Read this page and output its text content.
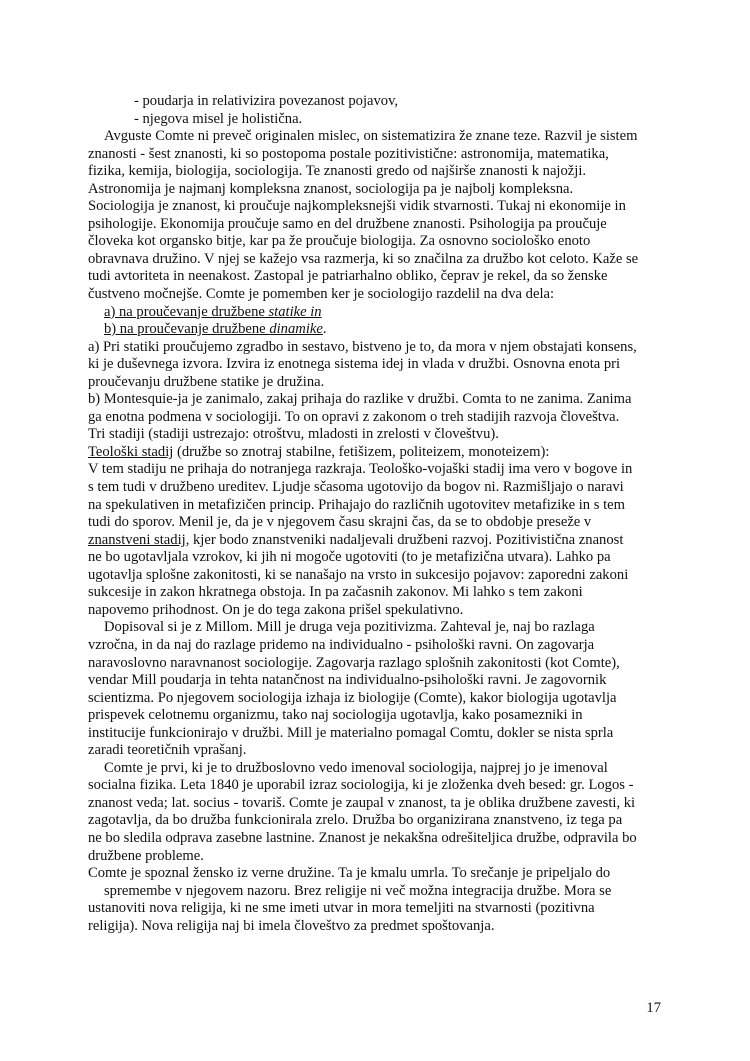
- poudarja in relativizira povezanost pojavov,
- njegova misel je holistična.
Avguste Comte ni preveč originalen mislec, on sistematizira že znane teze. Razvil je sistem
znanosti - šest znanosti, ki so postopoma postale pozitivistične: astronomija, matematika,
fizika, kemija, biologija, sociologija. Te znanosti gredo od najširše znanosti k najožji.
Astronomija je najmanj kompleksna znanost, sociologija pa je najbolj kompleksna.
Sociologija je znanost, ki proučuje najkompleksnejši vidik stvarnosti. Tukaj ni ekonomije in
psihologije. Ekonomija proučuje samo en del družbene znanosti. Psihologija pa proučuje
človeka kot organsko bitje, kar pa že proučuje biologija. Za osnovno sociološko enoto
obravnava družino. V njej se kažejo vsa razmerja, ki so značilna za družbo kot celoto. Kaže se
tudi avtoriteta in neenakost. Zastopal je patriarhalno obliko, čeprav je rekel, da so ženske
čustveno močnejše. Comte je pomemben ker je sociologijo razdelil na dva dela:
a) na proučevanje družbene statike in
b) na proučevanje družbene dinamike.
a) Pri statiki proučujemo zgradbo in sestavo, bistveno je to, da mora v njem obstajati konsens,
ki je duševnega izvora. Izvira iz enotnega sistema idej in vlada v družbi. Osnovna enota pri
proučevanju družbene statike je družina.
b) Montesquie-ja je zanimalo, zakaj prihaja do razlike v družbi. Comta to ne zanima. Zanima
ga enotna podmena v sociologiji. To on opravi z zakonom o treh stadijih razvoja človeštva.
Tri stadiji (stadiji ustrezajo: otroštvu, mladosti in zrelosti v človeštvu).
Teološki stadij (družbe so znotraj stabilne, fetišizem, politeizem, monoteizem):
V tem stadiju ne prihaja do notranjega razkraja. Teološko-vojaški stadij ima vero v bogove in
s tem tudi v družbeno ureditev. Ljudje sčasoma ugotovijo da bogov ni. Razmišljajo o naravi
na spekulativen in metafizičen princip. Prihajajo do različnih ugotovitev metafizike in s tem
tudi do sporov. Menil je, da je v njegovem času skrajni čas, da se to obdobje preseže v
znanstveni stadij, kjer bodo znanstveniki nadaljevali družbeni razvoj. Pozitivistična znanost
ne bo ugotavljala vzrokov, ki jih ni mogoče ugotoviti (to je metafizična utvara). Lahko pa
ugotavlja splošne zakonitosti, ki se nanašajo na vrsto in sukcesijo pojavov: zaporedni zakoni
sukcesije in zakon hkratnega obstoja. In pa začasnih zakonov. Mi lahko s tem zakoni
napovemo prihodnost. On je do tega zakona prišel spekulativno.
Dopisoval si je z Millom. Mill je druga veja pozitivizma. Zahteval je, naj bo razlaga
vzročna, in da naj do razlage pridemo na individualno - psihološki ravni. On zagovarja
naravoslovno naravnanost sociologije. Zagovarja razlago splošnih zakonitosti (kot Comte),
vendar Mill poudarja in tehta natančnost na individualno-psihološki ravni. Je zagovornik
scientizma. Po njegovem sociologija izhaja iz biologije (Comte), kakor biologija ugotavlja
prispevek celotnemu organizmu, tako naj sociologija ugotavlja, kako posamezniki in
institucije funkcionirajo v družbi. Mill je materialno pomagal Comtu, dokler se nista sprla
zaradi teoretičnih vprašanj.
Comte je prvi, ki je to družboslovno vedo imenoval sociologija, najprej jo je imenoval
socialna fizika. Leta 1840 je uporabil izraz sociologija, ki je zloženka dveh besed: gr. Logos -
znanost veda; lat. socius - tovariš. Comte je zaupal v znanost, ta je oblika družbene zavesti, ki
zagotavlja, da bo družba funkcionirala zrelo. Družba bo organizirana znanstveno, iz tega pa
ne bo sledila odprava zasebne lastnine. Znanost je nekakšna odrešiteljica družbe, odpravila bo
družbene probleme.
Comte je spoznal žensko iz verne družine. Ta je kmalu umrla. To srečanje je pripeljalo do
spremembe v njegovem nazoru. Brez religije ni več možna integracija družbe. Mora se
ustanoviti nova religija, ki ne sme imeti utvar in mora temeljiti na stvarnosti (pozitivna
religija). Nova religija naj bi imela človeštvo za predmet spoštovanja.
17
